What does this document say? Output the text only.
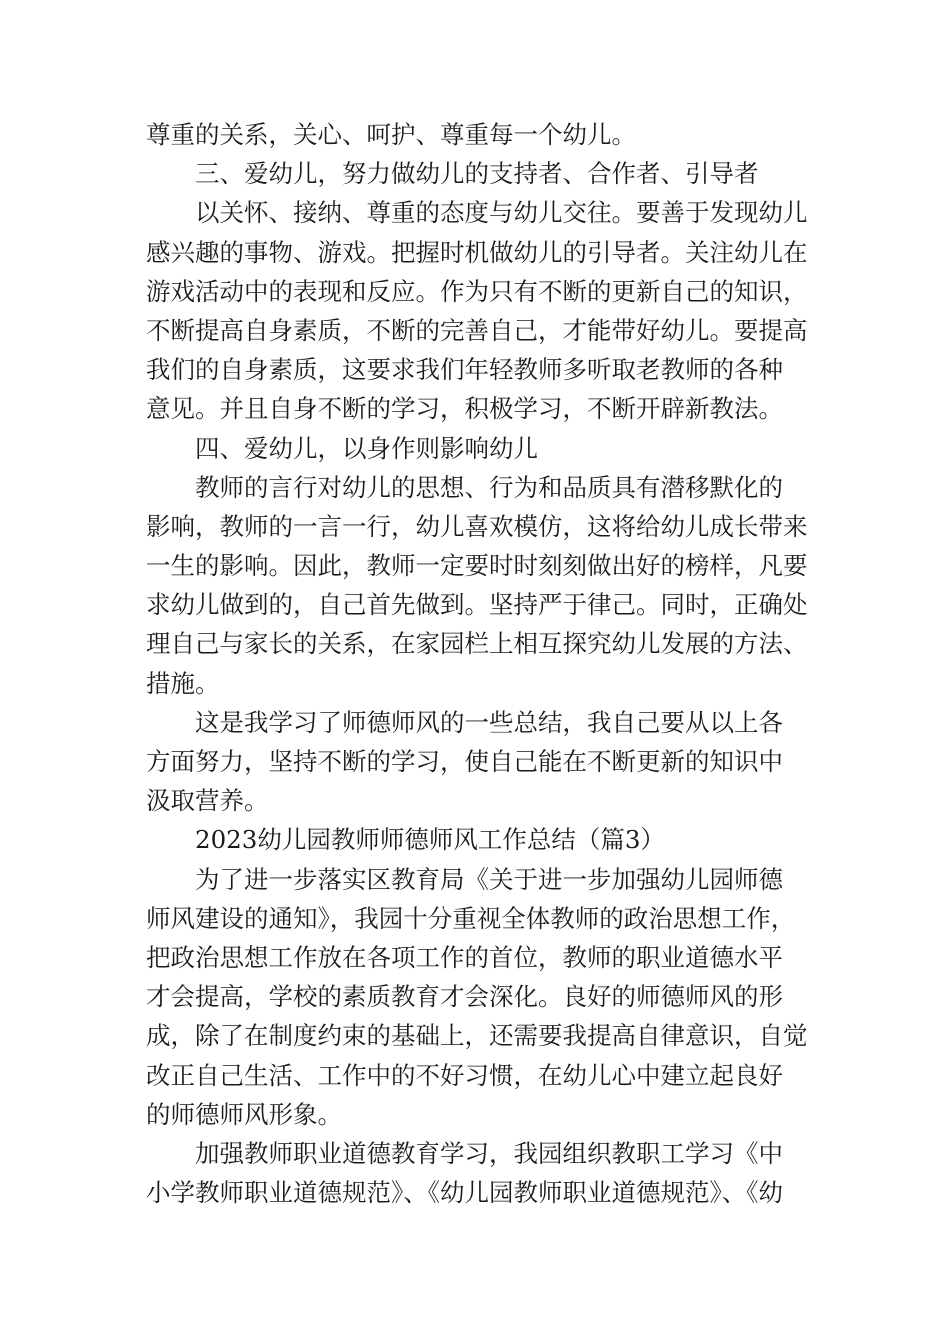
尊重的关系，关心、呵护、尊重每一个幼儿。
三、爱幼儿，努力做幼儿的支持者、合作者、引导者
以关怀、接纳、尊重的态度与幼儿交往。要善于发现幼儿
感兴趣的事物、游戏。把握时机做幼儿的引导者。关注幼儿在
游戏活动中的表现和反应。作为只有不断的更新自己的知识，
不断提高自身素质，不断的完善自己，才能带好幼儿。要提高
我们的自身素质，这要求我们年轻教师多听取老教师的各种
意见。并且自身不断的学习，积极学习，不断开辟新教法。
四、爱幼儿，以身作则影响幼儿
教师的言行对幼儿的思想、行为和品质具有潜移默化的
影响，教师的一言一行，幼儿喜欢模仿，这将给幼儿成长带来
一生的影响。因此，教师一定要时时刻刻做出好的榜样，凡要
求幼儿做到的，自己首先做到。坚持严于律己。同时，正确处
理自己与家长的关系，在家园栏上相互探究幼儿发展的方法、
措施。
这是我学习了师德师风的一些总结，我自己要从以上各
方面努力，坚持不断的学习，使自己能在不断更新的知识中
汲取营养。
2023幼儿园教师师德师风工作总结（篇3）
为了进一步落实区教育局《关于进一步加强幼儿园师德
师风建设的通知》，我园十分重视全体教师的政治思想工作，
把政治思想工作放在各项工作的首位，教师的职业道德水平
才会提高，学校的素质教育才会深化。良好的师德师风的形
成，除了在制度约束的基础上，还需要我提高自律意识，自觉
改正自己生活、工作中的不好习惯，在幼儿心中建立起良好
的师德师风形象。
加强教师职业道德教育学习，我园组织教职工学习《中
小学教师职业道德规范》、《幼儿园教师职业道德规范》、《幼
